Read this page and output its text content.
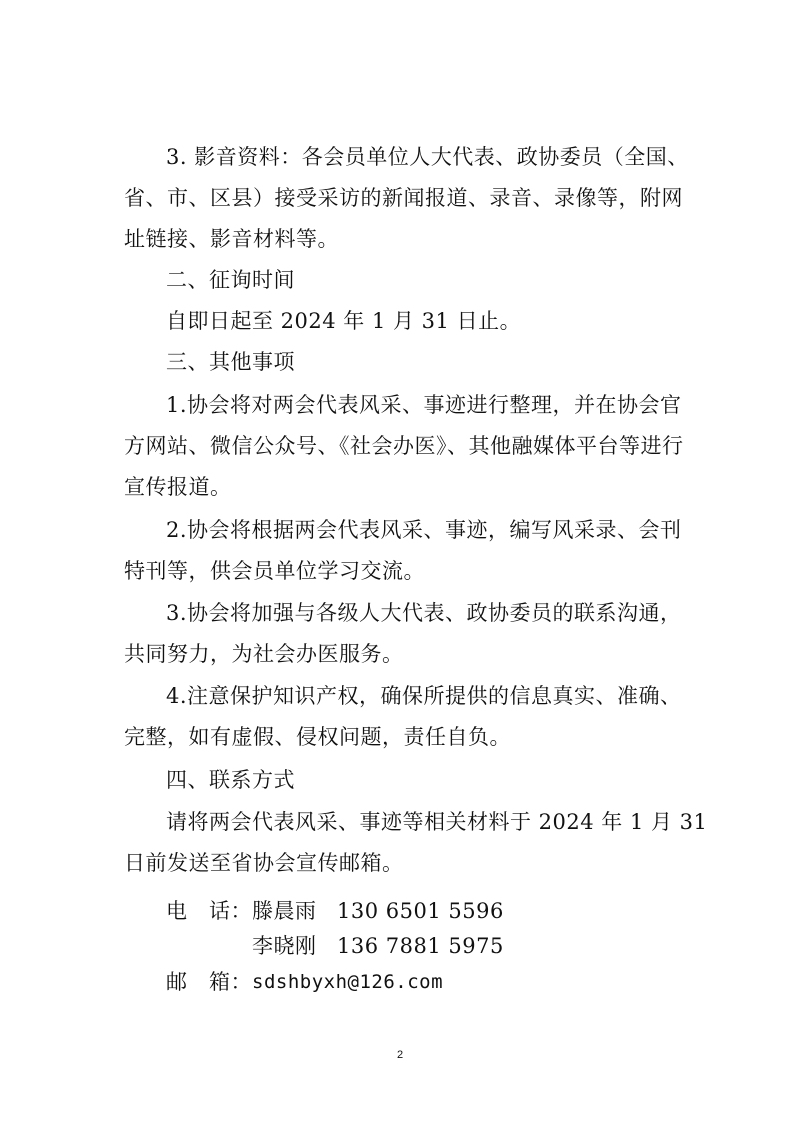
3. 影音资料：各会员单位人大代表、政协委员（全国、

省、市、区县）接受采访的新闻报道、录音、录像等，附网

址链接、影音材料等。

二、征询时间

自即日起至 2024 年 1 月 31 日止。

三、其他事项

1.协会将对两会代表风采、事迹进行整理，并在协会官

方网站、微信公众号、《社会办医》、其他融媒体平台等进行

宣传报道。

2.协会将根据两会代表风采、事迹，编写风采录、会刊

特刊等，供会员单位学习交流。

3.协会将加强与各级人大代表、政协委员的联系沟通，

共同努力，为社会办医服务。

4.注意保护知识产权，确保所提供的信息真实、准确、

完整，如有虚假、侵权问题，责任自负。

四、联系方式

请将两会代表风采、事迹等相关材料于 2024 年 1 月 31

日前发送至省协会宣传邮箱。

电　话： 滕晨雨 130 6501 5596
李晓刚 136 7881 5975
邮　箱： sdshbyxh@126.com
2
